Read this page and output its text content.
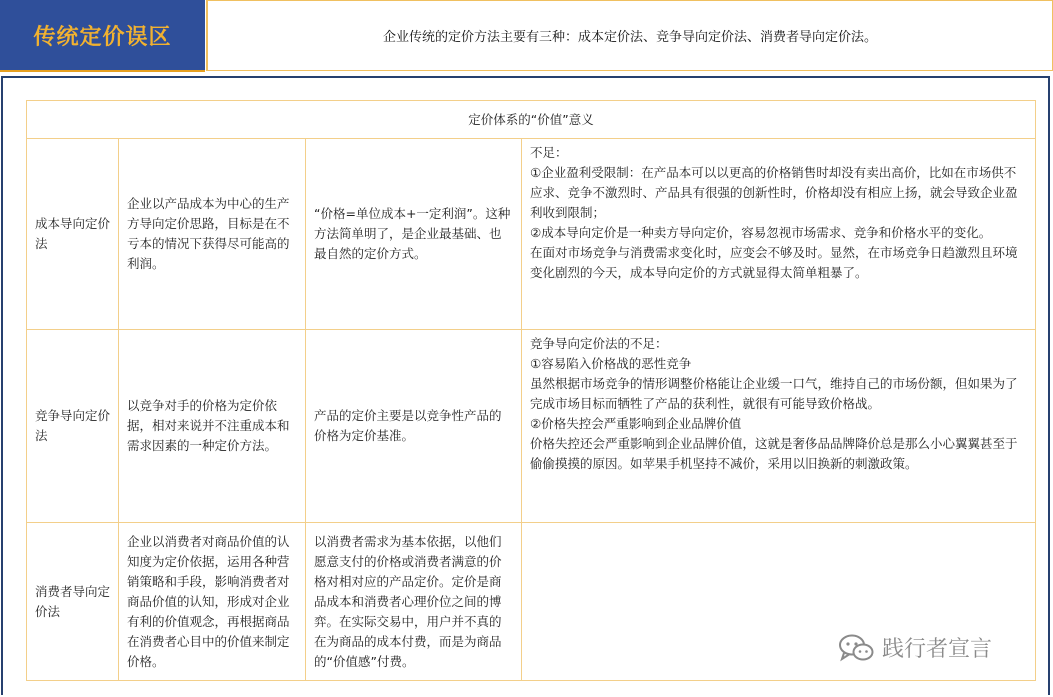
传统定价误区	企业传统的定价方法主要有三种：成本定价法、竞争导向定价法、消费者导向定价法。
定价体系的“价值”意义			
成本导向定价法	企业以产品成本为中心的生产方导向定价思路，目标是在不亏本的情况下获得尽可能高的利润。	“价格=单位成本+一定利润”。这种方法简单明了，是企业最基础、也最自然的定价方式。	不足：
①企业盈利受限制：在产品本可以以更高的价格销售时却没有卖出高价，比如在市场供不应求、竞争不激烈时、产品具有很强的创新性时，价格却没有相应上扬，就会导致企业盈利收到限制；
②成本导向定价是一种卖方导向定价，容易忽视市场需求、竞争和价格水平的变化。
在面对市场竞争与消费需求变化时，应变会不够及时。显然，在市场竞争日趋激烈且环境变化剧烈的今天，成本导向定价的方式就显得太简单粗暴了。

竞争导向定价法	以竞争对手的价格为定价依据，相对来说并不注重成本和需求因素的一种定价方法。	产品的定价主要是以竞争性产品的价格为定价基准。	竞争导向定价法的不足：
①容易陷入价格战的恶性竞争
虽然根据市场竞争的情形调整价格能让企业缓一口气，维持自己的市场份额，但如果为了完成市场目标而牺牲了产品的获利性，就很有可能导致价格战。
②价格失控会严重影响到企业品牌价值
价格失控还会严重影响到企业品牌价值，这就是奢侈品品牌降价总是那么小心翼翼甚至于偷偷摸摸的原因。如苹果手机坚持不减价，采用以旧换新的刺激政策。

消费者导向定价法	企业以消费者对商品价值的认知度为定价依据，运用各种营销策略和手段，影响消费者对商品价值的认知，形成对企业有利的价值观念，再根据商品在消费者心目中的价值来制定价格。	以消费者需求为基本依据，以他们愿意支付的价格或消费者满意的价格对相对应的产品定价。定价是商品成本和消费者心理价位之间的博弈。在实际交易中，用户并不真的在为商品的成本付费，而是为商品的“价值感”付费。		践行者宣言
